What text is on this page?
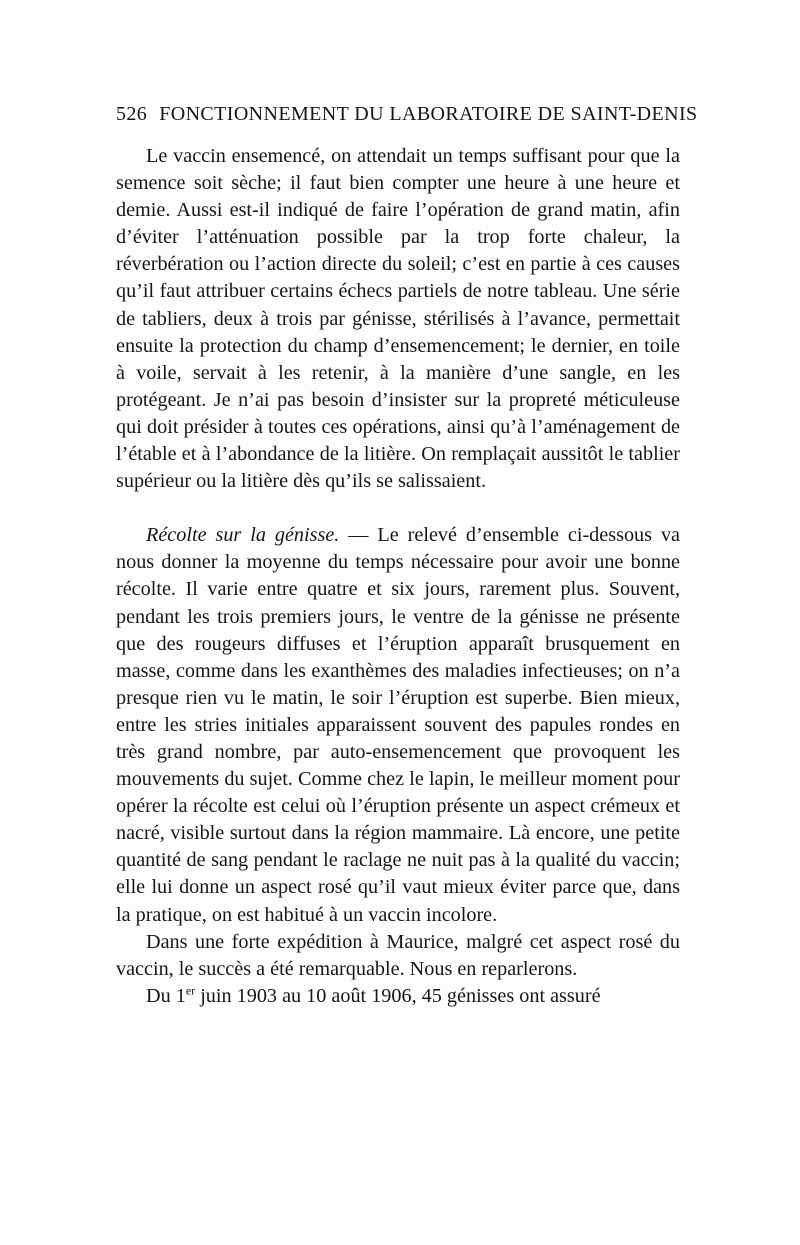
526 FONCTIONNEMENT DU LABORATOIRE DE SAINT-DENIS

Le vaccin ensemencé, on attendait un temps suffisant pour que la semence soit sèche; il faut bien compter une heure à une heure et demie. Aussi est-il indiqué de faire l’opération de grand matin, afin d’éviter l’atténuation possible par la trop forte chaleur, la réverbération ou l’action directe du soleil; c’est en partie à ces causes qu’il faut attribuer certains échecs partiels de notre tableau. Une série de tabliers, deux à trois par génisse, stérilisés à l’avance, permettait ensuite la protection du champ d’ensemencement; le dernier, en toile à voile, servait à les retenir, à la manière d’une sangle, en les protégeant. Je n’ai pas besoin d’insister sur la propreté méticuleuse qui doit présider à toutes ces opérations, ainsi qu’à l’aménagement de l’étable et à l’abondance de la litière. On remplaçait aussitôt le tablier supérieur ou la litière dès qu’ils se salissaient.

Récolte sur la génisse. — Le relevé d’ensemble ci-dessous va nous donner la moyenne du temps nécessaire pour avoir une bonne récolte. Il varie entre quatre et six jours, rarement plus. Souvent, pendant les trois premiers jours, le ventre de la génisse ne présente que des rougeurs diffuses et l’éruption apparaît brusquement en masse, comme dans les exanthèmes des maladies infectieuses; on n’a presque rien vu le matin, le soir l’éruption est superbe. Bien mieux, entre les stries initiales apparaissent souvent des papules rondes en très grand nombre, par auto-ensemencement que provoquent les mouvements du sujet. Comme chez le lapin, le meilleur moment pour opérer la récolte est celui où l’éruption présente un aspect crémeux et nacré, visible surtout dans la région mammaire. Là encore, une petite quantité de sang pendant le raclage ne nuit pas à la qualité du vaccin; elle lui donne un aspect rosé qu’il vaut mieux éviter parce que, dans la pratique, on est habitué à un vaccin incolore.

Dans une forte expédition à Maurice, malgré cet aspect rosé du vaccin, le succès a été remarquable. Nous en reparlerons.

Du 1er juin 1903 au 10 août 1906, 45 génisses ont assuré
